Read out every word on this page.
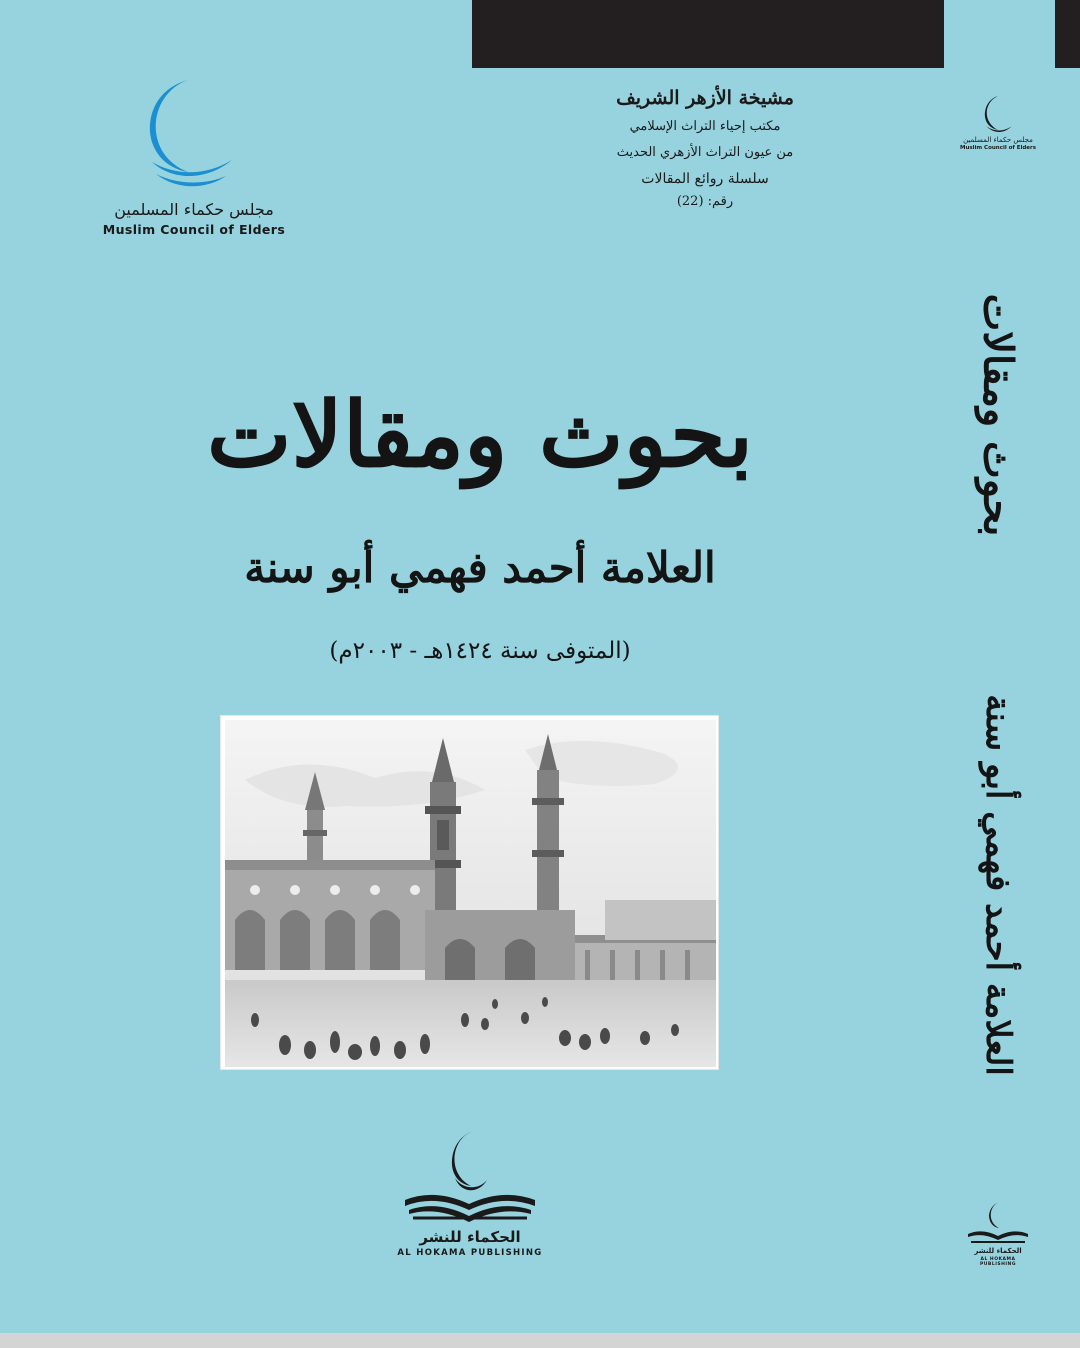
مجلس حكماء المسلمين
Muslim Council of Elders
مشيخة الأزهر الشريف
مكتب إحياء التراث الإسلامي
من عيون التراث الأزهري الحديث
سلسلة روائع المقالات
رقم: (22)
مجلس حكماء المسلمين
Muslim Council of Elders
بحوث ومقالات
العلامة أحمد فهمي أبو سنة
(المتوفى سنة ١٤٢٤هـ - ٢٠٠٣م)
بحوث ومقالات
العلامة أحمد فهمي أبو سنة
الحكماء للنشر
AL HOKAMA PUBLISHING	الحكماء للنشر
AL HOKAMA PUBLISHING
